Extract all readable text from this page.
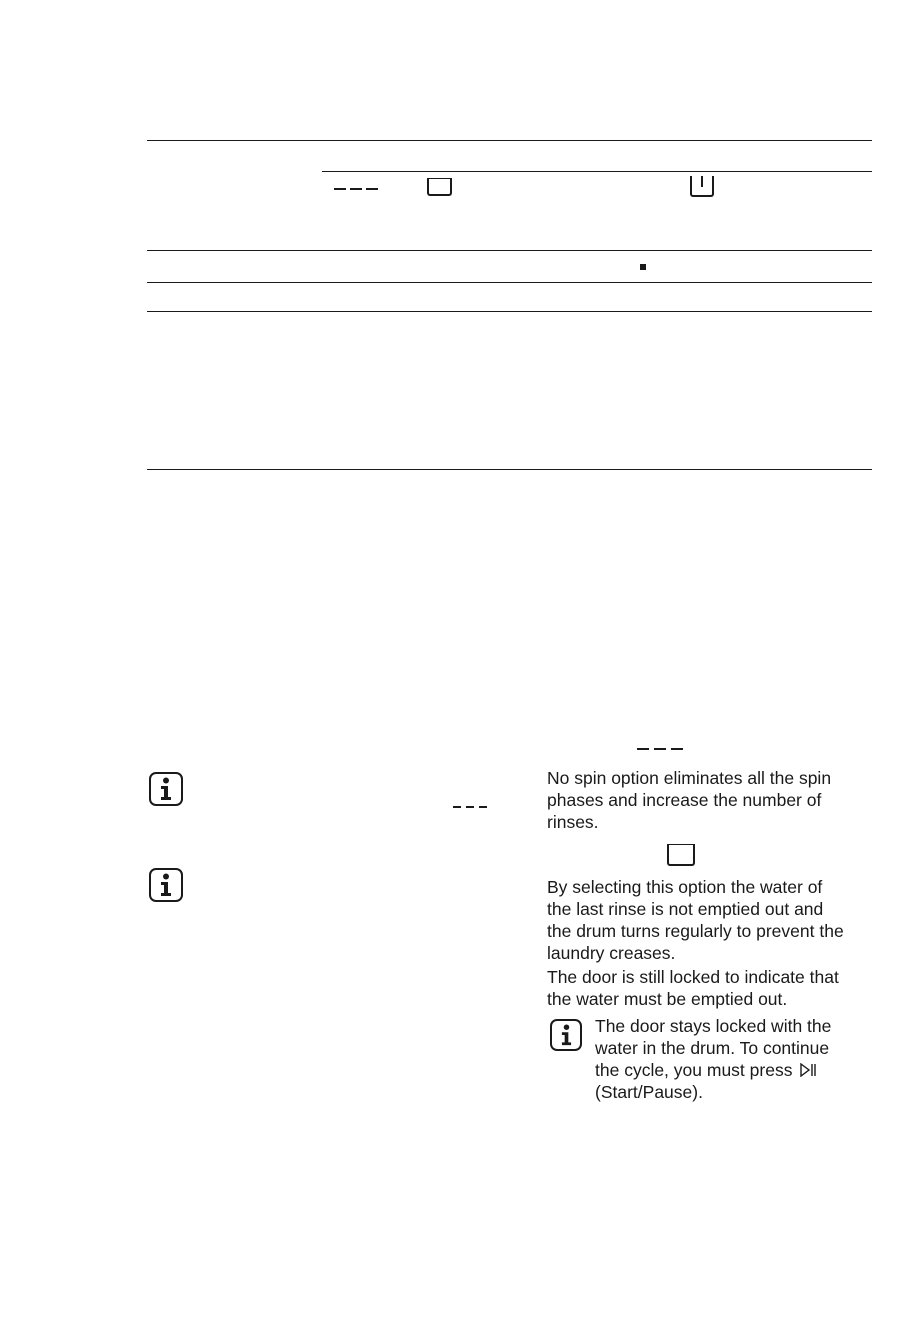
No spin option eliminates all the spin
phases and increase the number of
rinses.
By selecting this option the water of
the last rinse is not emptied out and
the drum turns regularly to prevent the
laundry creases.
The door is still locked to indicate that
the water must be emptied out.
The door stays locked with the
water in the drum. To continue
the cycle, you must press
(Start/Pause).
